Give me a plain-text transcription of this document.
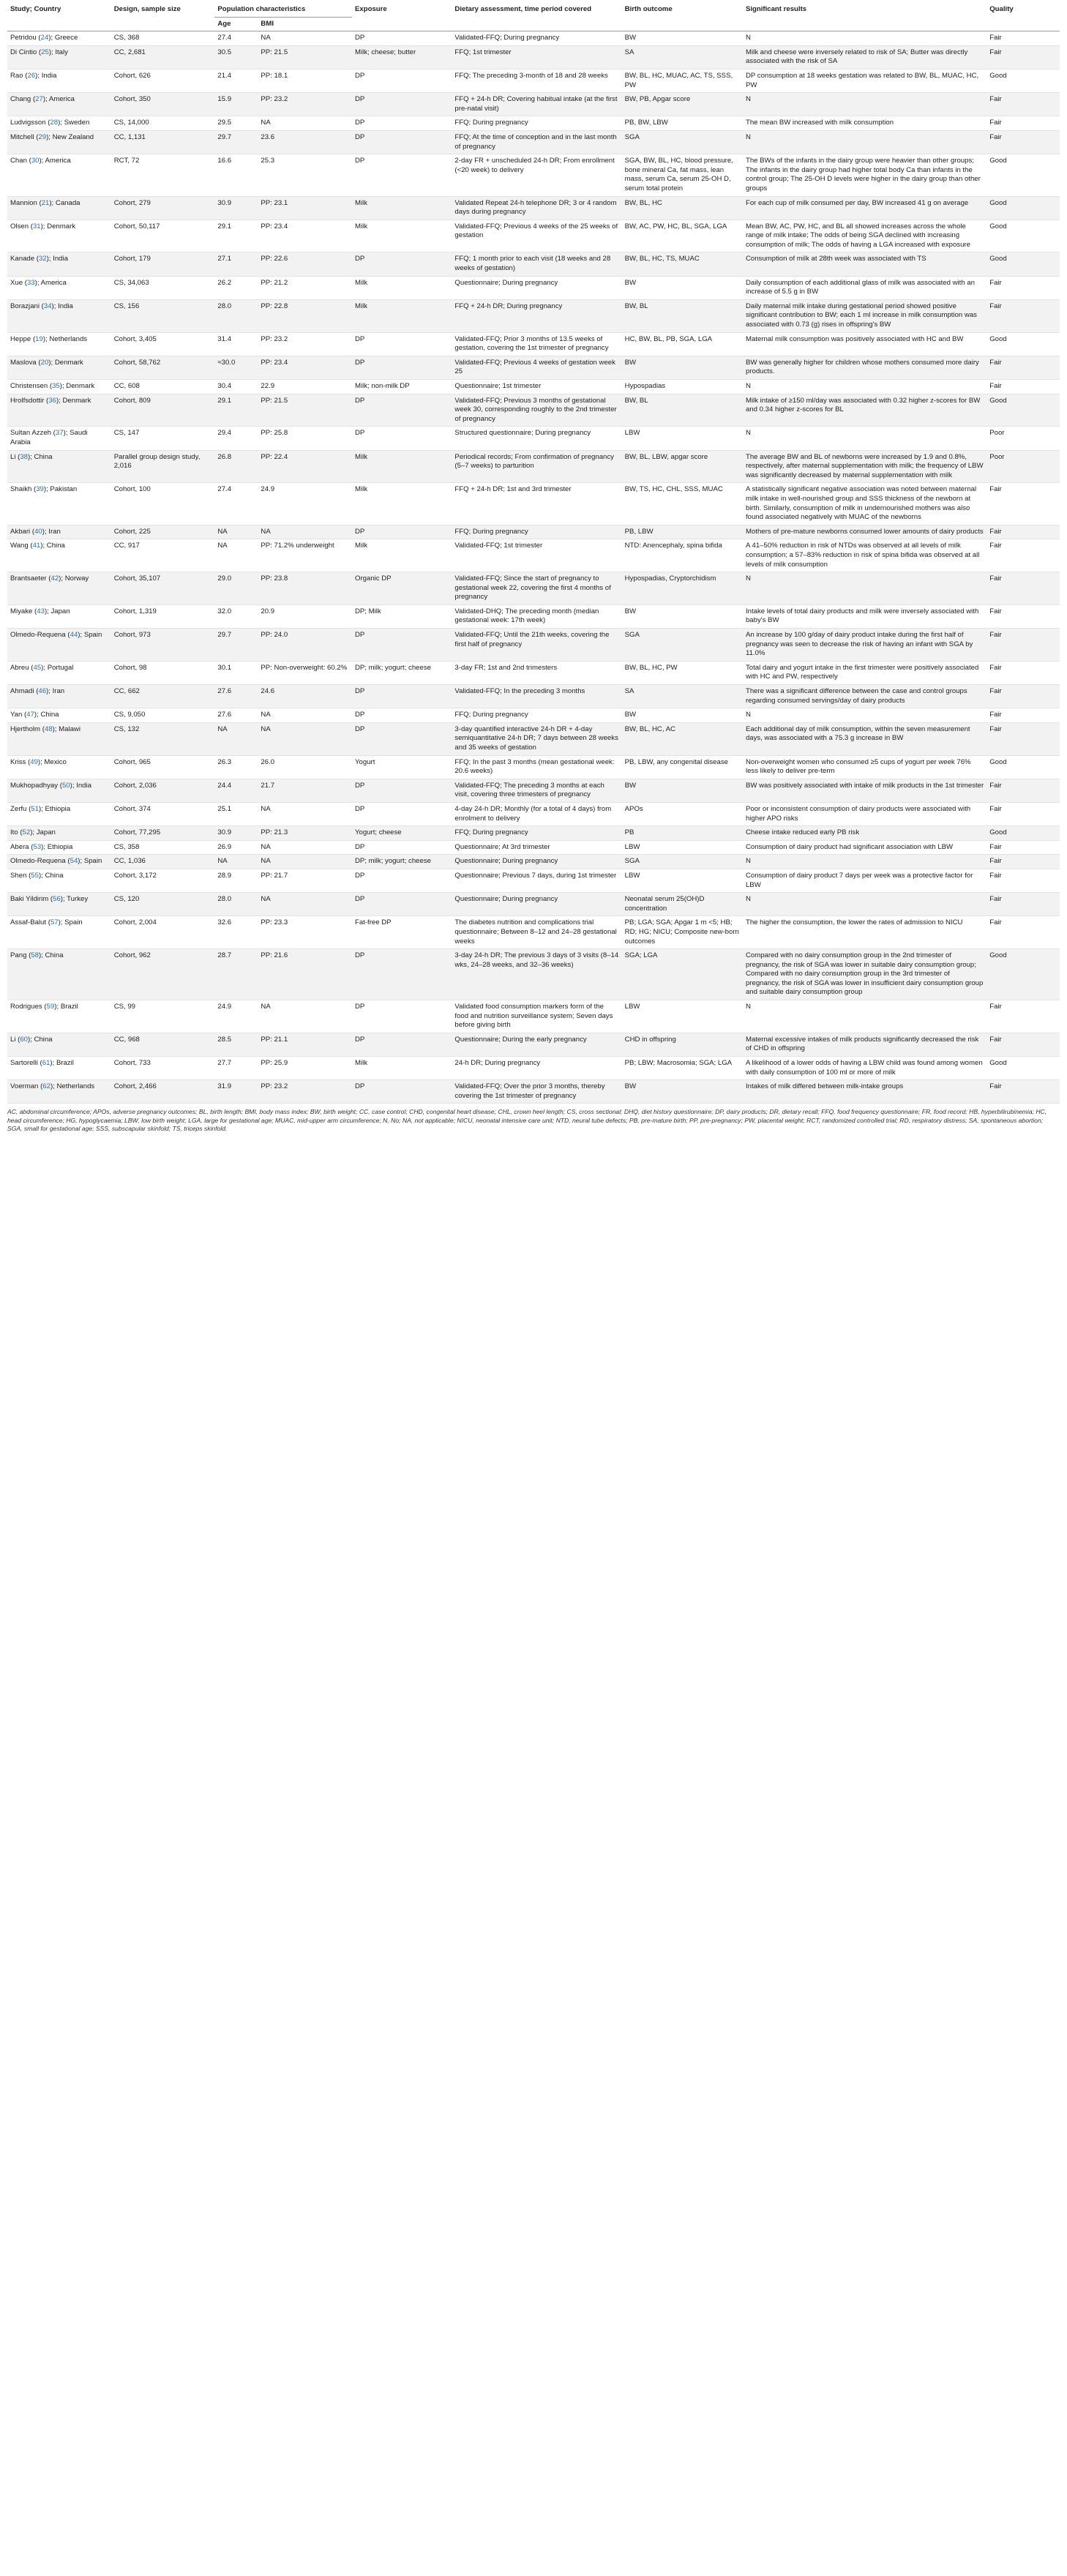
Study; Country	Design, sample size	Population characteristics		Exposure	Dietary assessment, time period covered	Birth outcome	Significant results	Quality
		Age	BMI					
Petridou (24); Greece	CS, 368	27.4	NA	DP	Validated-FFQ; During pregnancy	BW	N	Fair
Di Cintio (25); Italy	CC, 2,681	30.5	PP: 21.5	Milk; cheese; butter	FFQ; 1st trimester	SA	Milk and cheese were inversely related to risk of SA; Butter was directly associated with the risk of SA	Fair
Rao (26); India	Cohort, 626	21.4	PP: 18.1	DP	FFQ; The preceding 3-month of 18 and 28 weeks	BW, BL, HC, MUAC, AC, TS, SSS, PW	DP consumption at 18 weeks gestation was related to BW, BL, MUAC, HC, PW	Good
Chang (27); America	Cohort, 350	15.9	PP: 23.2	DP	FFQ + 24-h DR; Covering habitual intake (at the first pre-natal visit)	BW, PB, Apgar score	N	Fair
Ludvigsson (28); Sweden	CS, 14,000	29.5	NA	DP	FFQ; During pregnancy	PB, BW, LBW	The mean BW increased with milk consumption	Fair
Mitchell (29); New Zealand	CC, 1,131	29.7	23.6	DP	FFQ; At the time of conception and in the last month of pregnancy	SGA	N	Fair
Chan (30); America	RCT, 72	16.6	25.3	DP	2-day FR + unscheduled 24-h DR; From enrollment (<20 week) to delivery	SGA, BW, BL, HC, blood pressure, bone mineral Ca, fat mass, lean mass, serum Ca, serum 25-OH D, serum total protein	The BWs of the infants in the dairy group were heavier than other groups; The infants in the dairy group had higher total body Ca than infants in the control group; The 25-OH D levels were higher in the dairy group than other groups	Good
Mannion (21); Canada	Cohort, 279	30.9	PP: 23.1	Milk	Validated Repeat 24-h telephone DR; 3 or 4 random days during pregnancy	BW, BL, HC	For each cup of milk consumed per day, BW increased 41 g on average	Good
Olsen (31); Denmark	Cohort, 50,117	29.1	PP: 23.4	Milk	Validated-FFQ; Previous 4 weeks of the 25 weeks of gestation	BW, AC, PW, HC, BL, SGA, LGA	Mean BW, AC, PW, HC, and BL all showed increases across the whole range of milk intake; The odds of being SGA declined with increasing consumption of milk; The odds of having a LGA increased with exposure	Good
Kanade (32); India	Cohort, 179	27.1	PP: 22.6	DP	FFQ; 1 month prior to each visit (18 weeks and 28 weeks of gestation)	BW, BL, HC, TS, MUAC	Consumption of milk at 28th week was associated with TS	Good
Xue (33); America	CS, 34,063	26.2	PP: 21.2	Milk	Questionnaire; During pregnancy	BW	Daily consumption of each additional glass of milk was associated with an increase of 5.5 g in BW	Fair
Borazjani (34); India	CS, 156	28.0	PP: 22.8	Milk	FFQ + 24-h DR; During pregnancy	BW, BL	Daily maternal milk intake during gestational period showed positive significant contribution to BW; each 1 ml increase in milk consumption was associated with 0.73 (g) rises in offspring's BW	Fair
Heppe (19); Netherlands	Cohort, 3,405	31.4	PP: 23.2	DP	Validated-FFQ; Prior 3 months of 13.5 weeks of gestation, covering the 1st trimester of pregnancy	HC, BW, BL, PB, SGA, LGA	Maternal milk consumption was positively associated with HC and BW	Good
Maslova (20); Denmark	Cohort, 58,762	≈30.0	PP: 23.4	DP	Validated-FFQ; Previous 4 weeks of gestation week 25	BW	BW was generally higher for children whose mothers consumed more dairy products.	Fair
Christensen (35); Denmark	CC, 608	30.4	22.9	Milk; non-milk DP	Questionnaire; 1st trimester	Hypospadias	N	Fair
Hrolfsdottir (36); Denmark	Cohort, 809	29.1	PP: 21.5	DP	Validated-FFQ; Previous 3 months of gestational week 30, corresponding roughly to the 2nd trimester of pregnancy	BW, BL	Milk intake of ≥150 ml/day was associated with 0.32 higher z-scores for BW and 0.34 higher z-scores for BL	Good
Sultan Azzeh (37); Saudi Arabia	CS, 147	29.4	PP: 25.8	DP	Structured questionnaire; During pregnancy	LBW	N	Poor
Li (38); China	Parallel group design study, 2,016	26.8	PP: 22.4	Milk	Periodical records; From confirmation of pregnancy (5–7 weeks) to parturition	BW, BL, LBW, apgar score	The average BW and BL of newborns were increased by 1.9 and 0.8%, respectively, after maternal supplementation with milk; the frequency of LBW was significantly decreased by maternal supplementation with milk	Poor
Shaikh (39); Pakistan	Cohort, 100	27.4	24.9	Milk	FFQ + 24-h DR; 1st and 3rd trimester	BW, TS, HC, CHL, SSS, MUAC	A statistically significant negative association was noted between maternal milk intake in well-nourished group and SSS thickness of the newborn at birth. Similarly, consumption of milk in undernourished mothers was also found associated negatively with MUAC of the newborns	Fair
Akbari (40); Iran	Cohort, 225	NA	NA	DP	FFQ; During pregnancy	PB, LBW	Mothers of pre-mature newborns consumed lower amounts of dairy products	Fair
Wang (41); China	CC, 917	NA	PP: 71.2% underweight	Milk	Validated-FFQ; 1st trimester	NTD: Anencephaly, spina bifida	A 41–50% reduction in risk of NTDs was observed at all levels of milk consumption; a 57–83% reduction in risk of spina bifida was observed at all levels of milk consumption	Fair
Brantsaeter (42); Norway	Cohort, 35,107	29.0	PP: 23.8	Organic DP	Validated-FFQ; Since the start of pregnancy to gestational week 22, covering the first 4 months of pregnancy	Hypospadias, Cryptorchidism	N	Fair
Miyake (43); Japan	Cohort, 1,319	32.0	20.9	DP; Milk	Validated-DHQ; The preceding month (median gestational week: 17th week)	BW	Intake levels of total dairy products and milk were inversely associated with baby's BW	Fair
Olmedo-Requena (44); Spain	Cohort, 973	29.7	PP: 24.0	DP	Validated-FFQ; Until the 21th weeks, covering the first half of pregnancy	SGA	An increase by 100 g/day of dairy product intake during the first half of pregnancy was seen to decrease the risk of having an infant with SGA by 11.0%	Fair
Abreu (45); Portugal	Cohort, 98	30.1	PP: Non-overweight: 60.2%	DP; milk; yogurt; cheese	3-day FR; 1st and 2nd trimesters	BW, BL, HC, PW	Total dairy and yogurt intake in the first trimester were positively associated with HC and PW, respectively	Fair
Ahmadi (46); Iran	CC, 662	27.6	24.6	DP	Validated-FFQ; In the preceding 3 months	SA	There was a significant difference between the case and control groups regarding consumed servings/day of dairy products	Fair
Yan (47); China	CS, 9,050	27.6	NA	DP	FFQ; During pregnancy	BW	N	Fair
Hjertholm (48); Malawi	CS, 132	NA	NA	DP	3-day quantified interactive 24-h DR + 4-day semiquantitative 24-h DR; 7 days between 28 weeks and 35 weeks of gestation	BW, BL, HC, AC	Each additional day of milk consumption, within the seven measurement days, was associated with a 75.3 g increase in BW	Fair
Kriss (49); Mexico	Cohort, 965	26.3	26.0	Yogurt	FFQ; In the past 3 months (mean gestational week: 20.6 weeks)	PB, LBW, any congenital disease	Non-overweight women who consumed ≥5 cups of yogurt per week 76% less likely to deliver pre-term	Good
Mukhopadhyay (50); India	Cohort, 2,036	24.4	21.7	DP	Validated-FFQ; The preceding 3 months at each visit, covering three trimesters of pregnancy	BW	BW was positively associated with intake of milk products in the 1st trimester	Fair
Zerfu (51); Ethiopia	Cohort, 374	25.1	NA	DP	4-day 24-h DR; Monthly (for a total of 4 days) from enrolment to delivery	APOs	Poor or inconsistent consumption of dairy products were associated with higher APO risks	Fair
Ito (52); Japan	Cohort, 77,295	30.9	PP: 21.3	Yogurt; cheese	FFQ; During pregnancy	PB	Cheese intake reduced early PB risk	Good
Abera (53); Ethiopia	CS, 358	26.9	NA	DP	Questionnaire; At 3rd trimester	LBW	Consumption of dairy product had significant association with LBW	Fair
Olmedo-Requena (54); Spain	CC, 1,036	NA	NA	DP; milk; yogurt; cheese	Questionnaire; During pregnancy	SGA	N	Fair
Shen (55); China	Cohort, 3,172	28.9	PP: 21.7	DP	Questionnaire; Previous 7 days, during 1st trimester	LBW	Consumption of dairy product 7 days per week was a protective factor for LBW	Fair
Baki Yildirim (56); Turkey	CS, 120	28.0	NA	DP	Questionnaire; During pregnancy	Neonatal serum 25(OH)D concentration	N	Fair
Assaf-Balut (57); Spain	Cohort, 2,004	32.6	PP: 23.3	Fat-free DP	The diabetes nutrition and complications trial questionnaire; Between 8–12 and 24–28 gestational weeks	PB; LGA; SGA; Apgar 1 m <5; HB; RD; HG; NICU; Composite new-born outcomes	The higher the consumption, the lower the rates of admission to NICU	Fair
Pang (58); China	Cohort, 962	28.7	PP: 21.6	DP	3-day 24-h DR; The previous 3 days of 3 visits (8–14 wks, 24–28 weeks, and 32–36 weeks)	SGA; LGA	Compared with no dairy consumption group in the 2nd trimester of pregnancy, the risk of SGA was lower in suitable dairy consumption group; Compared with no dairy consumption group in the 3rd trimester of pregnancy, the risk of SGA was lower in insufficient dairy consumption group and suitable dairy consumption group	Good
Rodrigues (59); Brazil	CS, 99	24.9	NA	DP	Validated food consumption markers form of the food and nutrition surveillance system; Seven days before giving birth	LBW	N	Fair
Li (60); China	CC, 968	28.5	PP: 21.1	DP	Questionnaire; During the early pregnancy	CHD in offspring	Maternal excessive intakes of milk products significantly decreased the risk of CHD in offspring	Fair
Sartorelli (61); Brazil	Cohort, 733	27.7	PP: 25.9	Milk	24-h DR; During pregnancy	PB; LBW; Macrosomia; SGA; LGA	A likelihood of a lower odds of having a LBW child was found among women with daily consumption of 100 ml or more of milk	Good
Voerman (62); Netherlands	Cohort, 2,466	31.9	PP: 23.2	DP	Validated-FFQ; Over the prior 3 months, thereby covering the 1st trimester of pregnancy	BW	Intakes of milk differed between milk-intake groups	Fair
AC, abdominal circumference; APOs, adverse pregnancy outcomes; BL, birth length; BMI, body mass index; BW, birth weight; CC, case control; CHD, congenital heart disease; CHL, crown heel length; CS, cross sectional; DHQ, diet history questionnaire; DP, dairy products; DR, dietary recall; FFQ, food frequency questionnaire; FR, food record; HB, hyperbilirubinemia; HC, head circumference; HG, hypoglycaemia; LBW, low birth weight; LGA, large for gestational age; MUAC, mid-upper arm circumference; N, No; NA, not applicable; NICU, neonatal intensive care unit; NTD, neural tube defects; PB, pre-mature birth; PP, pre-pregnancy; PW, placental weight; RCT, randomized controlled trial; RD, respiratory distress; SA, spontaneous abortion; SGA, small for gestational age; SSS, subscapular skinfold; TS, triceps skinfold.
